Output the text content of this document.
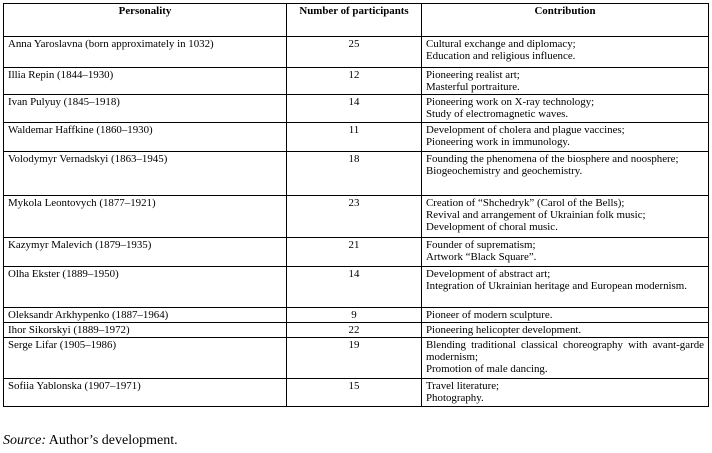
Personality	Number of participants	Contribution
Anna Yaroslavna (born approximately in 1032)	25	Cultural exchange and diplomacy;
Education and religious influence.

Illia Repin (1844–1930)	12	Pioneering realist art;
Masterful portraiture.

Ivan Pulyuy (1845–1918)	14	Pioneering work on X-ray technology;
Study of electromagnetic waves.

Waldemar Haffkine (1860–1930)	11	Development of cholera and plague vaccines;
Pioneering work in immunology.

Volodymyr Vernadskyi (1863–1945)	18	Founding the phenomena of the biosphere and noosphere;
Biogeochemistry and geochemistry.

Mykola Leontovych (1877–1921)	23	Creation of “Shchedryk” (Carol of the Bells);
Revival and arrangement of Ukrainian folk music;
Development of choral music.

Kazymyr Malevich (1879–1935)	21	Founder of suprematism;
Artwork “Black Square”.

Olha Ekster (1889–1950)	14	Development of abstract art;
Integration of Ukrainian heritage and European modernism.

Oleksandr Arkhypenko (1887–1964)	9	Pioneer of modern sculpture.

Ihor Sikorskyi (1889–1972)	22	Pioneering helicopter development.

Serge Lifar (1905–1986)	19	Blending traditional classical choreography with avant-garde modernism;
Promotion of male dancing.

Sofiia Yablonska (1907–1971)	15	Travel literature;
Photography.
Source: Author’s development.
